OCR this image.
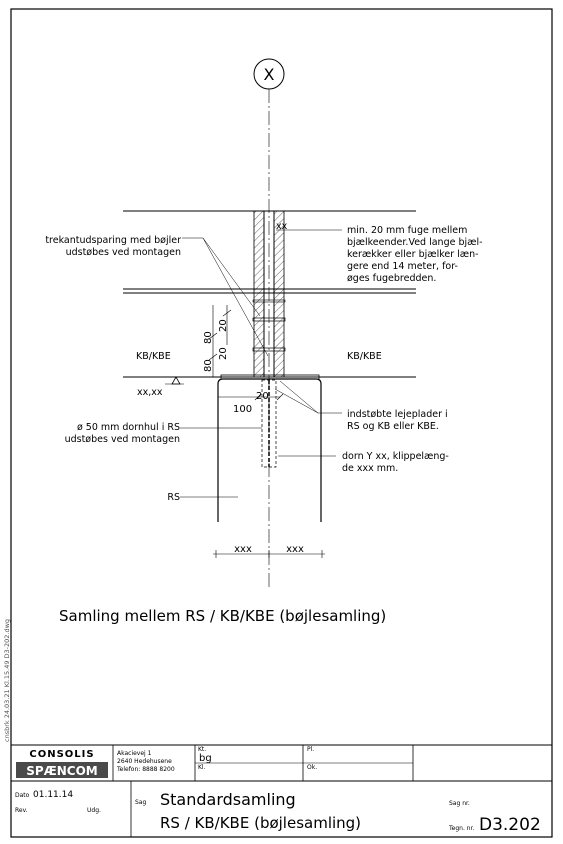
cnsbrk 24.03.21 Kl.15.49 D3-202.dwg
X
trekantudsparing med bøjler
udstøbes ved montagen
xx	min. 20 mm fuge mellem
bjælkeender.Ved lange bjæl-
kerækker eller bjælker læn-
gere end 14 meter, for-
øges fugebredden.
KB/KBE	KB/KBE
xx,xx
80
80
20
20
20
100	indstøbte lejeplader i
RS og KB eller KBE.
ø 50 mm dornhul i RS
udstøbes ved montagen
dorn Y xx, klippelæng-
de xxx mm.
RS
xxx	xxx
Samling mellem RS / KB/KBE (bøjlesamling)
CONSOLIS
SPÆNCOM
Akacievej 1
2640 Hedehusene
Telefon: 8888 8200
Kt.
bg
Pl.
Kl.	Ok.
Dato 01.11.14
Rev.	Udg.
Sag Standardsamling
RS / KB/KBE (bøjlesamling)
Sag nr.
Tegn. nr. D3.202
